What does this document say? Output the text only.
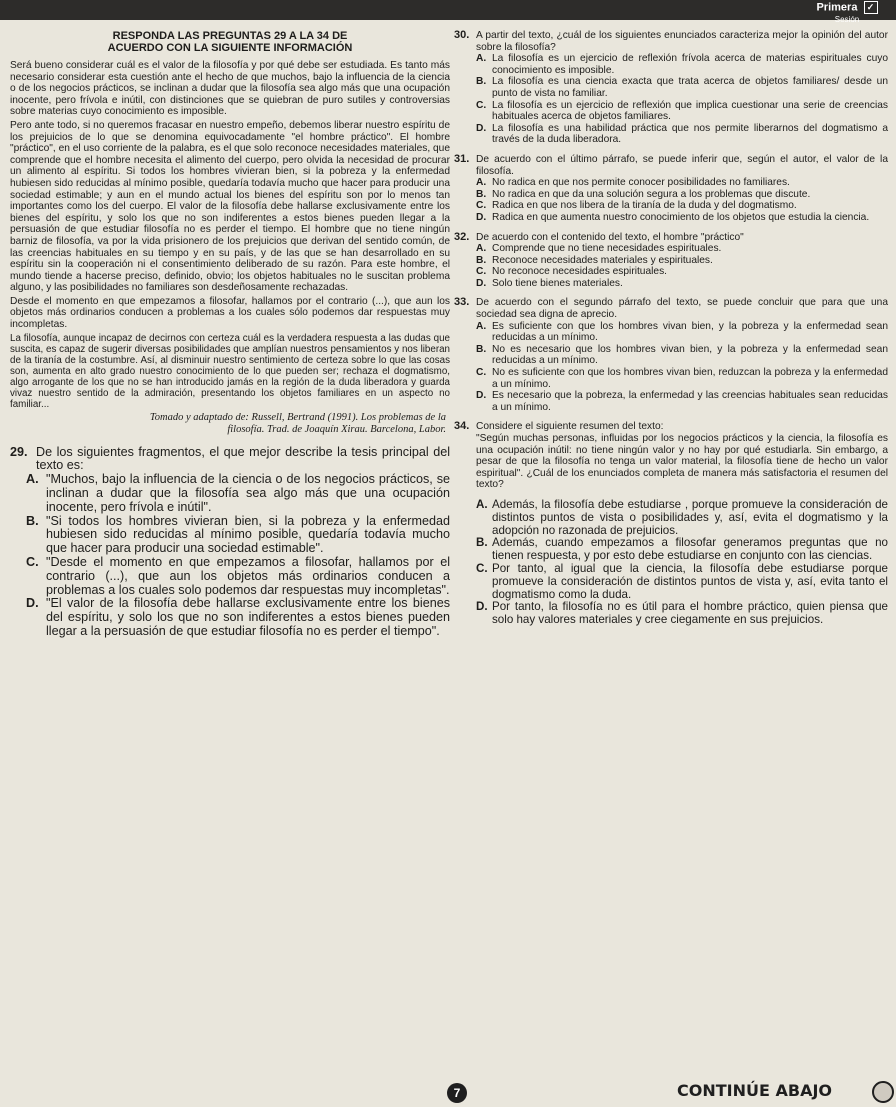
Primera ✓
Sesión
RESPONDA LAS PREGUNTAS 29 A LA 34 DE
ACUERDO CON LA SIGUIENTE INFORMACIÓN
Será bueno considerar cuál es el valor de la filosofía y por qué debe ser estudiada. Es tanto más necesario considerar esta cuestión ante el hecho de que muchos, bajo la influencia de la ciencia o de los negocios prácticos, se inclinan a dudar que la filosofía sea algo más que una ocupación inocente, pero frívola e inútil, con distinciones que se quiebran de puro sutiles y controversias sobre materias cuyo conocimiento es imposible.
Pero ante todo, si no queremos fracasar en nuestro empeño, debemos liberar nuestro espíritu de los prejuicios de lo que se denomina equivocadamente "el hombre práctico". El hombre "práctico", en el uso corriente de la palabra, es el que solo reconoce necesidades materiales, que comprende que el hombre necesita el alimento del cuerpo, pero olvida la necesidad de procurar un alimento al espíritu. Si todos los hombres vivieran bien, si la pobreza y la enfermedad hubiesen sido reducidas al mínimo posible, quedaría todavía mucho que hacer para producir una sociedad estimable; y aun en el mundo actual los bienes del espíritu son por lo menos tan importantes como los del cuerpo. El valor de la filosofía debe hallarse exclusivamente entre los bienes del espíritu, y solo los que no son indiferentes a estos bienes pueden llegar a la persuasión de que estudiar filosofía no es perder el tiempo. El hombre que no tiene ningún barniz de filosofía, va por la vida prisionero de los prejuicios que derivan del sentido común, de las creencias habituales en su tiempo y en su país, y de las que se han desarrollado en su espíritu sin la cooperación ni el consentimiento deliberado de su razón. Para este hombre, el mundo tiende a hacerse preciso, definido, obvio; los objetos habituales no le suscitan problema alguno, y las posibilidades no familiares son desdeñosamente rechazadas.
Desde el momento en que empezamos a filosofar, hallamos por el contrario (...), que aun los objetos más ordinarios conducen a problemas a los cuales sólo podemos dar respuestas muy incompletas.
La filosofía, aunque incapaz de decirnos con certeza cuál es la verdadera respuesta a las dudas que suscita, es capaz de sugerir diversas posibilidades que amplían nuestros pensamientos y nos liberan de la tiranía de la costumbre. Así, al disminuir nuestro sentimiento de certeza sobre lo que las cosas son, aumenta en alto grado nuestro conocimiento de lo que pueden ser; rechaza el dogmatismo, algo arrogante de los que no se han introducido jamás en la región de la duda liberadora y guarda vivaz nuestro sentido de la admiración, presentando los objetos familiares en un aspecto no familiar...
Tomado y adaptado de: Russell, Bertrand (1991). Los problemas de la
filosofía. Trad. de Joaquín Xirau. Barcelona, Labor.
29. De los siguientes fragmentos, el que mejor describe la tesis principal del texto es:
A. "Muchos, bajo la influencia de la ciencia o de los negocios prácticos, se inclinan a dudar que la filosofía sea algo más que una ocupación inocente, pero frívola e inútil".
B. "Si todos los hombres vivieran bien, si la pobreza y la enfermedad hubiesen sido reducidas al mínimo posible, quedaría todavía mucho que hacer para producir una sociedad estimable".
C. "Desde el momento en que empezamos a filosofar, hallamos por el contrario (...), que aun los objetos más ordinarios conducen a problemas a los cuales solo podemos dar respuestas muy incompletas".
D. "El valor de la filosofía debe hallarse exclusivamente entre los bienes del espíritu, y solo los que no son indiferentes a estos bienes pueden llegar a la persuasión de que estudiar filosofía no es perder el tiempo".
30. A partir del texto, ¿cuál de los siguientes enunciados caracteriza mejor la opinión del autor sobre la filosofía?
A. La filosofía es un ejercicio de reflexión frívola acerca de materias espirituales cuyo conocimiento es imposible.
B. La filosofía es una ciencia exacta que trata acerca de objetos familiares/ desde un punto de vista no familiar.
C. La filosofía es un ejercicio de reflexión que implica cuestionar una serie de creencias habituales acerca de objetos familiares.
D. La filosofía es una habilidad práctica que nos permite liberarnos del dogmatismo a través de la duda liberadora.
31. De acuerdo con el último párrafo, se puede inferir que, según el autor, el valor de la filosofía.
A. No radica en que nos permite conocer posibilidades no familiares.
B. No radica en que da una solución segura a los problemas que discute.
C. Radica en que nos libera de la tiranía de la duda y del dogmatismo.
D. Radica en que aumenta nuestro conocimiento de los objetos que estudia la ciencia.
32. De acuerdo con el contenido del texto, el hombre "práctico"
A. Comprende que no tiene necesidades espirituales.
B. Reconoce necesidades materiales y espirituales.
C. No reconoce necesidades espirituales.
D. Solo tiene bienes materiales.
33. De acuerdo con el segundo párrafo del texto, se puede concluir que para que una sociedad sea digna de aprecio.
A. Es suficiente con que los hombres vivan bien, y la pobreza y la enfermedad sean reducidas a un mínimo.
B. No es necesario que los hombres vivan bien, y la pobreza y la enfermedad sean reducidas a un mínimo.
C. No es suficiente con que los hombres vivan bien, reduzcan la pobreza y la enfermedad a un mínimo.
D. Es necesario que la pobreza, la enfermedad y las creencias habituales sean reducidas a un mínimo.
34. Considere el siguiente resumen del texto:
"Según muchas personas, influidas por los negocios prácticos y la ciencia, la filosofía es una ocupación inútil: no tiene ningún valor y no hay por qué estudiarla. Sin embargo, a pesar de que la filosofía no tenga un valor material, la filosofía tiene de hecho un valor espiritual". ¿Cuál de los enunciados completa de manera más satisfactoria el resumen del texto?
A. Además, la filosofía debe estudiarse , porque promueve la consideración de distintos puntos de vista o posibilidades y, así, evita el dogmatismo y la adopción no razonada de prejuicios.
B. Además, cuando empezamos a filosofar generamos preguntas que no tienen respuesta, y por esto debe estudiarse en conjunto con las ciencias.
C. Por tanto, al igual que la ciencia, la filosofía debe estudiarse porque promueve la consideración de distintos puntos de vista y, así, evita tanto el dogmatismo como la duda.
D. Por tanto, la filosofía no es útil para el hombre práctico, quien piensa que solo hay valores materiales y cree ciegamente en sus prejuicios.
7	CONTINÚE ABAJO
